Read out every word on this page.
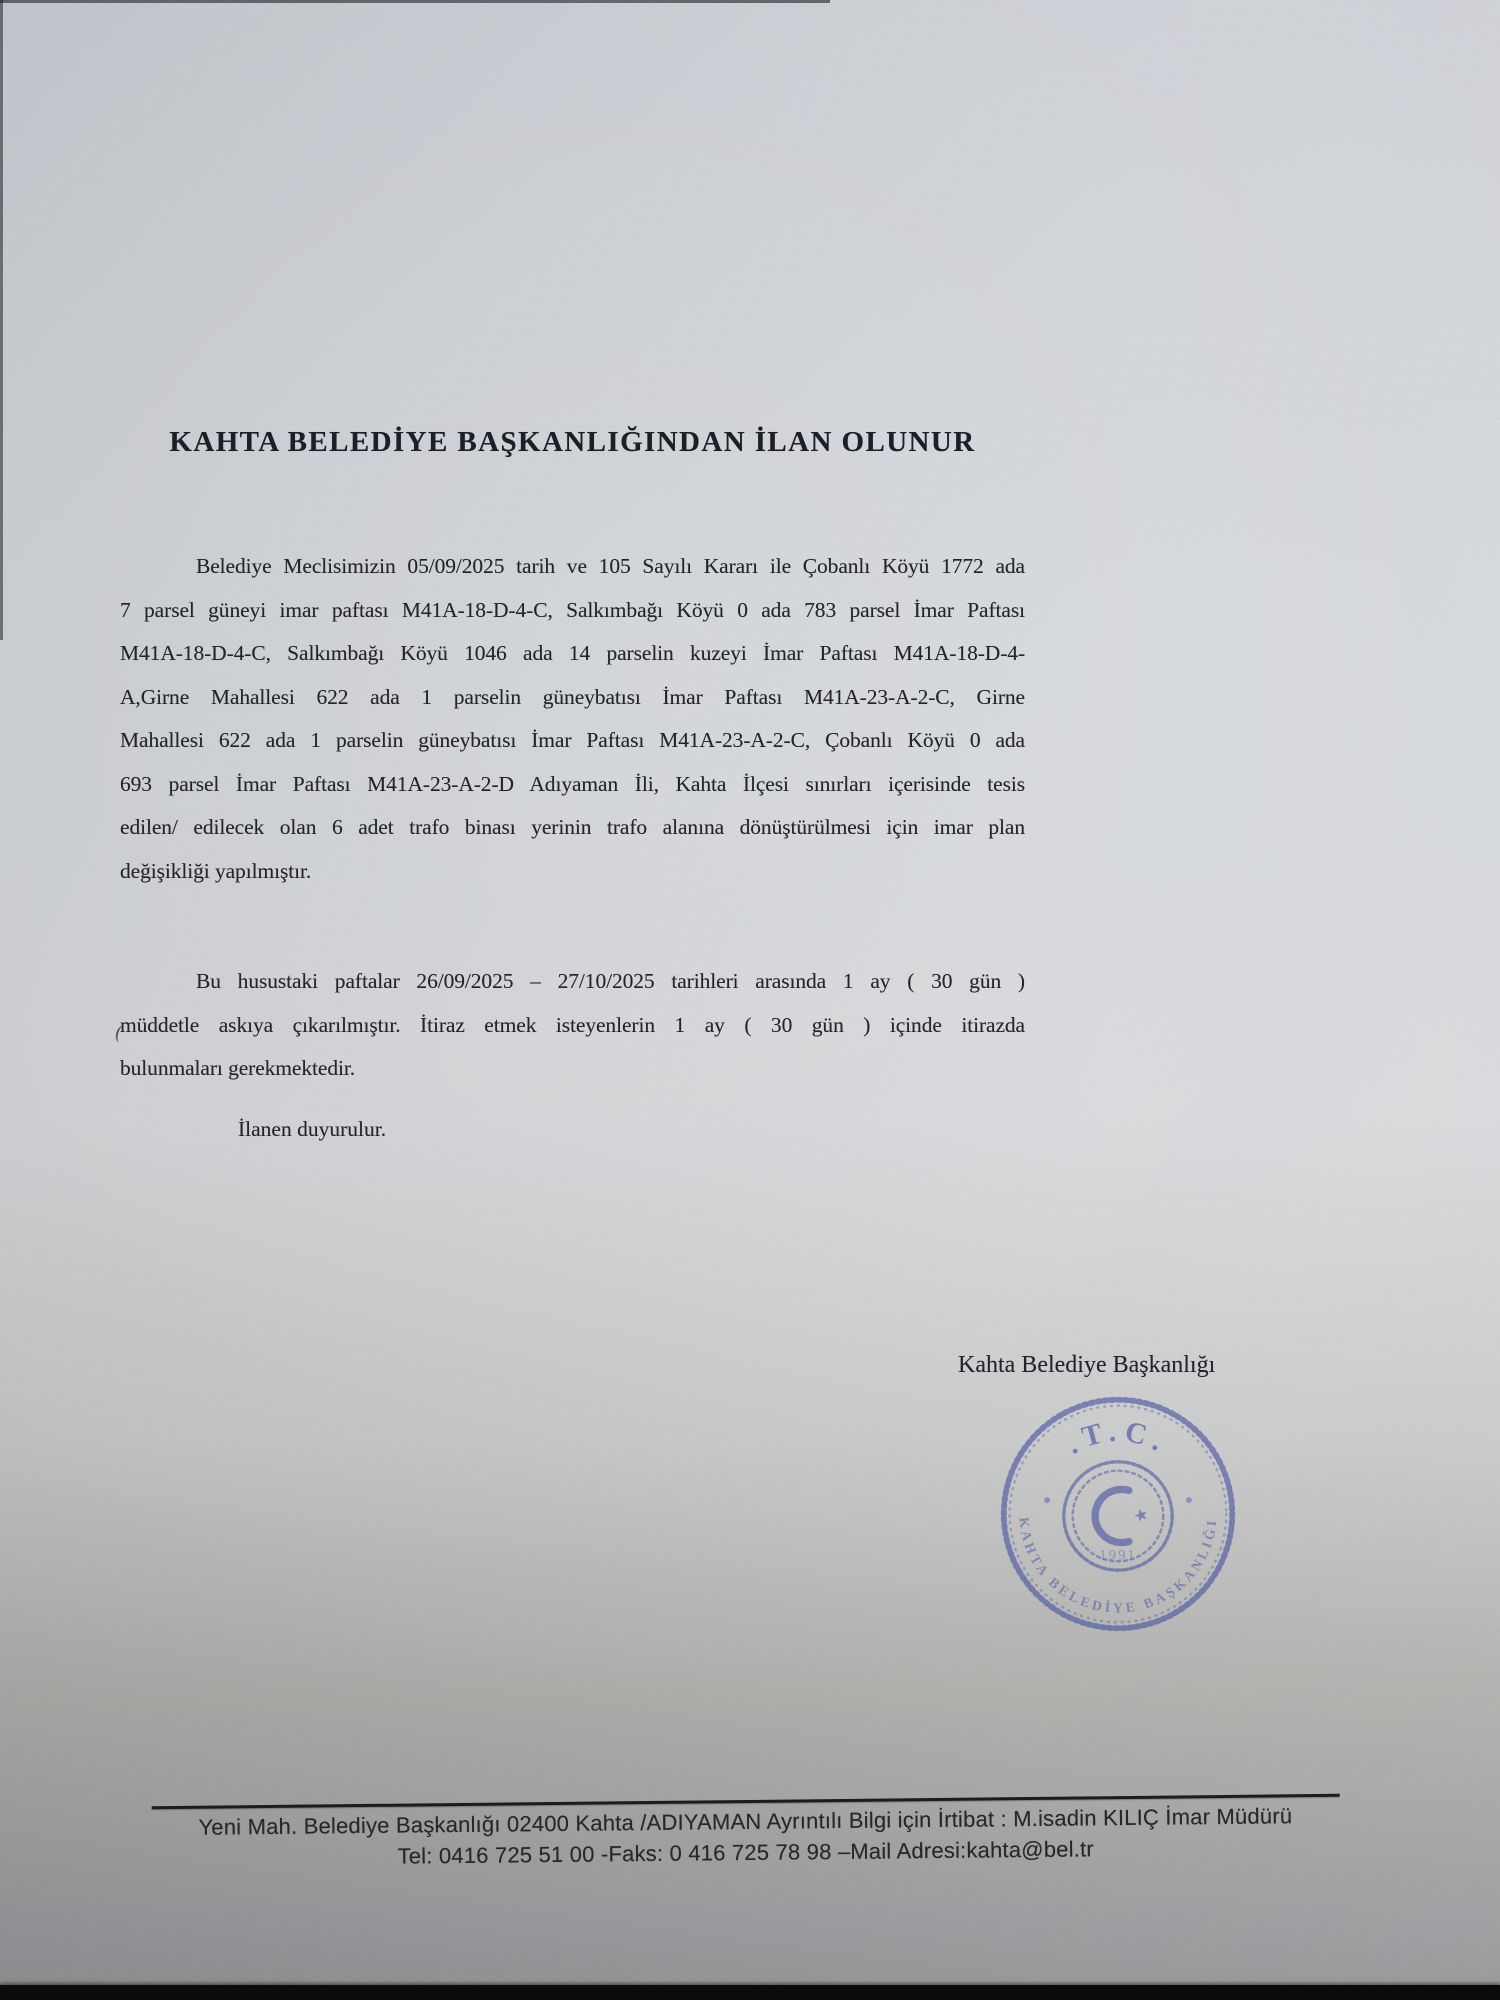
KAHTA BELEDİYE BAŞKANLIĞINDAN İLAN OLUNUR
Belediye Meclisimizin 05/09/2025 tarih ve 105 Sayılı Kararı ile Çobanlı Köyü 1772 ada
7 parsel güneyi imar paftası M41A-18-D-4-C, Salkımbağı Köyü 0 ada 783 parsel İmar Paftası
M41A-18-D-4-C, Salkımbağı Köyü 1046 ada 14 parselin kuzeyi İmar Paftası M41A-18-D-4-
A,Girne Mahallesi 622 ada 1 parselin güneybatısı İmar Paftası M41A-23-A-2-C, Girne
Mahallesi 622 ada 1 parselin güneybatısı İmar Paftası M41A-23-A-2-C, Çobanlı Köyü 0 ada
693 parsel İmar Paftası M41A-23-A-2-D Adıyaman İli, Kahta İlçesi sınırları içerisinde tesis
edilen/ edilecek olan 6 adet trafo binası yerinin trafo alanına dönüştürülmesi için imar plan
değişikliği yapılmıştır.
Bu husustaki paftalar 26/09/2025 – 27/10/2025 tarihleri arasında 1 ay ( 30 gün )
müddetle askıya çıkarılmıştır. İtiraz etmek isteyenlerin 1 ay ( 30 gün ) içinde itirazda
bulunmaları gerekmektedir.
İlanen duyurulur.
Kahta Belediye Başkanlığı
★
.T.C.
1991
KAHTA BELEDİYE BAŞKANLIĞI
Yeni Mah. Belediye Başkanlığı 02400 Kahta /ADIYAMAN Ayrıntılı Bilgi için İrtibat : M.isadin KILIÇ İmar Müdürü
Tel: 0416 725 51 00 -Faks: 0 416 725 78 98 –Mail Adresi:kahta@bel.tr
